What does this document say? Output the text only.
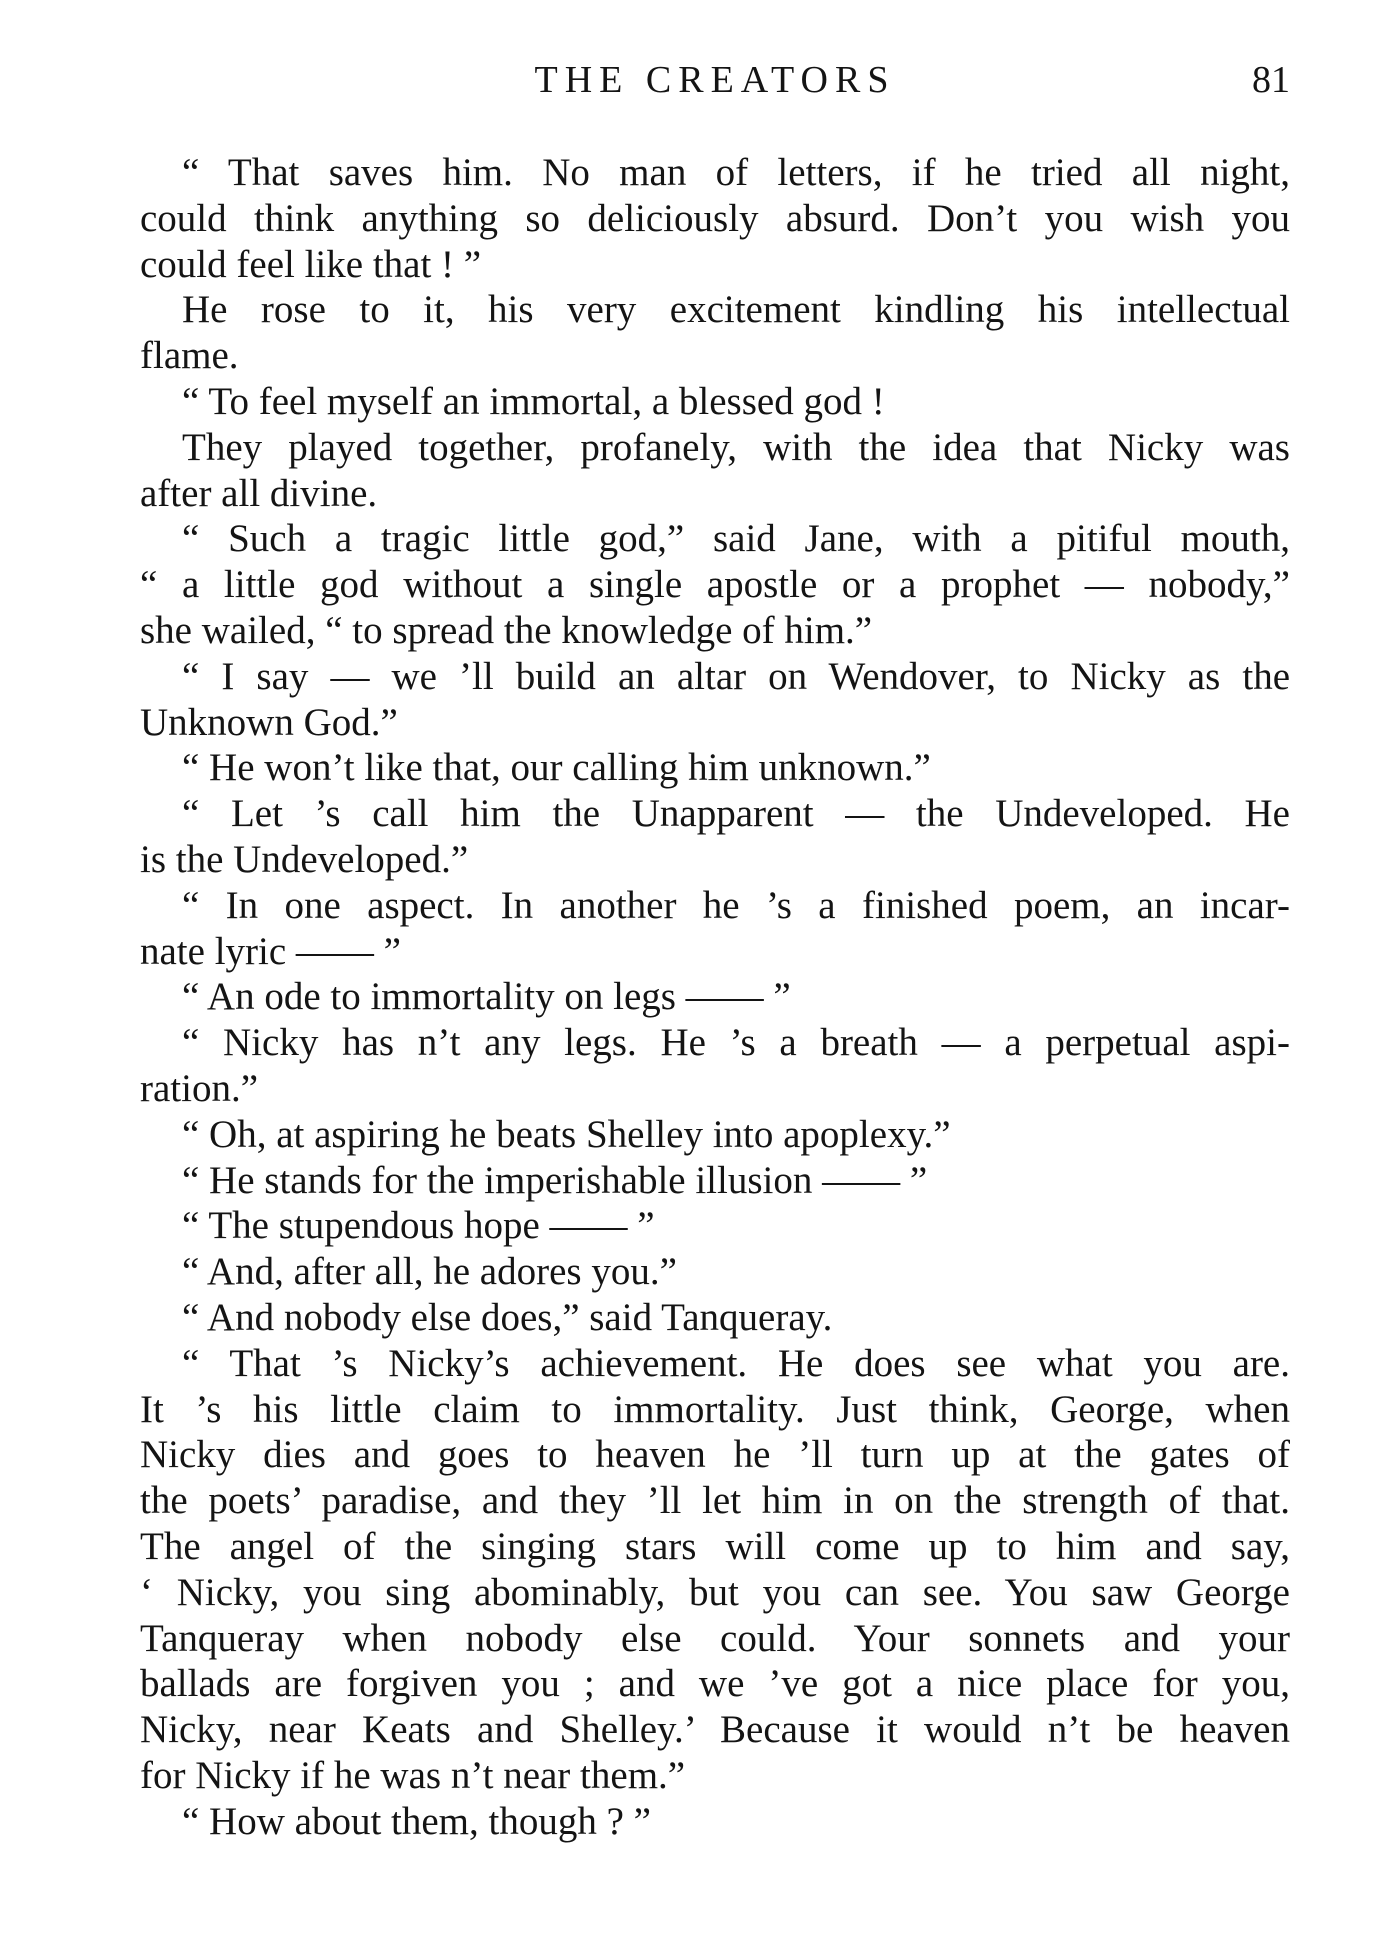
THE CREATORS	81
“ That saves him. No man of letters, if he tried all night,
could think anything so deliciously absurd. Don’t you wish you
could feel like that ! ”
He rose to it, his very excitement kindling his intellectual
flame.
“ To feel myself an immortal, a blessed god !
They played together, profanely, with the idea that Nicky was
after all divine.
“ Such a tragic little god,” said Jane, with a pitiful mouth,
“ a little god without a single apostle or a prophet — nobody,”
she wailed, “ to spread the knowledge of him.”
“ I say — we ’ll build an altar on Wendover, to Nicky as the
Unknown God.”
“ He won’t like that, our calling him unknown.”
“ Let ’s call him the Unapparent — the Undeveloped. He
is the Undeveloped.”
“ In one aspect. In another he ’s a finished poem, an incar-
nate lyric —— ”
“ An ode to immortality on legs —— ”
“ Nicky has n’t any legs. He ’s a breath — a perpetual aspi-
ration.”
“ Oh, at aspiring he beats Shelley into apoplexy.”
“ He stands for the imperishable illusion —— ”
“ The stupendous hope —— ”
“ And, after all, he adores you.”
“ And nobody else does,” said Tanqueray.
“ That ’s Nicky’s achievement. He does see what you are.
It ’s his little claim to immortality. Just think, George, when
Nicky dies and goes to heaven he ’ll turn up at the gates of
the poets’ paradise, and they ’ll let him in on the strength of that.
The angel of the singing stars will come up to him and say,
‘ Nicky, you sing abominably, but you can see. You saw George
Tanqueray when nobody else could. Your sonnets and your
ballads are forgiven you ; and we ’ve got a nice place for you,
Nicky, near Keats and Shelley.’ Because it would n’t be heaven
for Nicky if he was n’t near them.”
“ How about them, though ? ”
